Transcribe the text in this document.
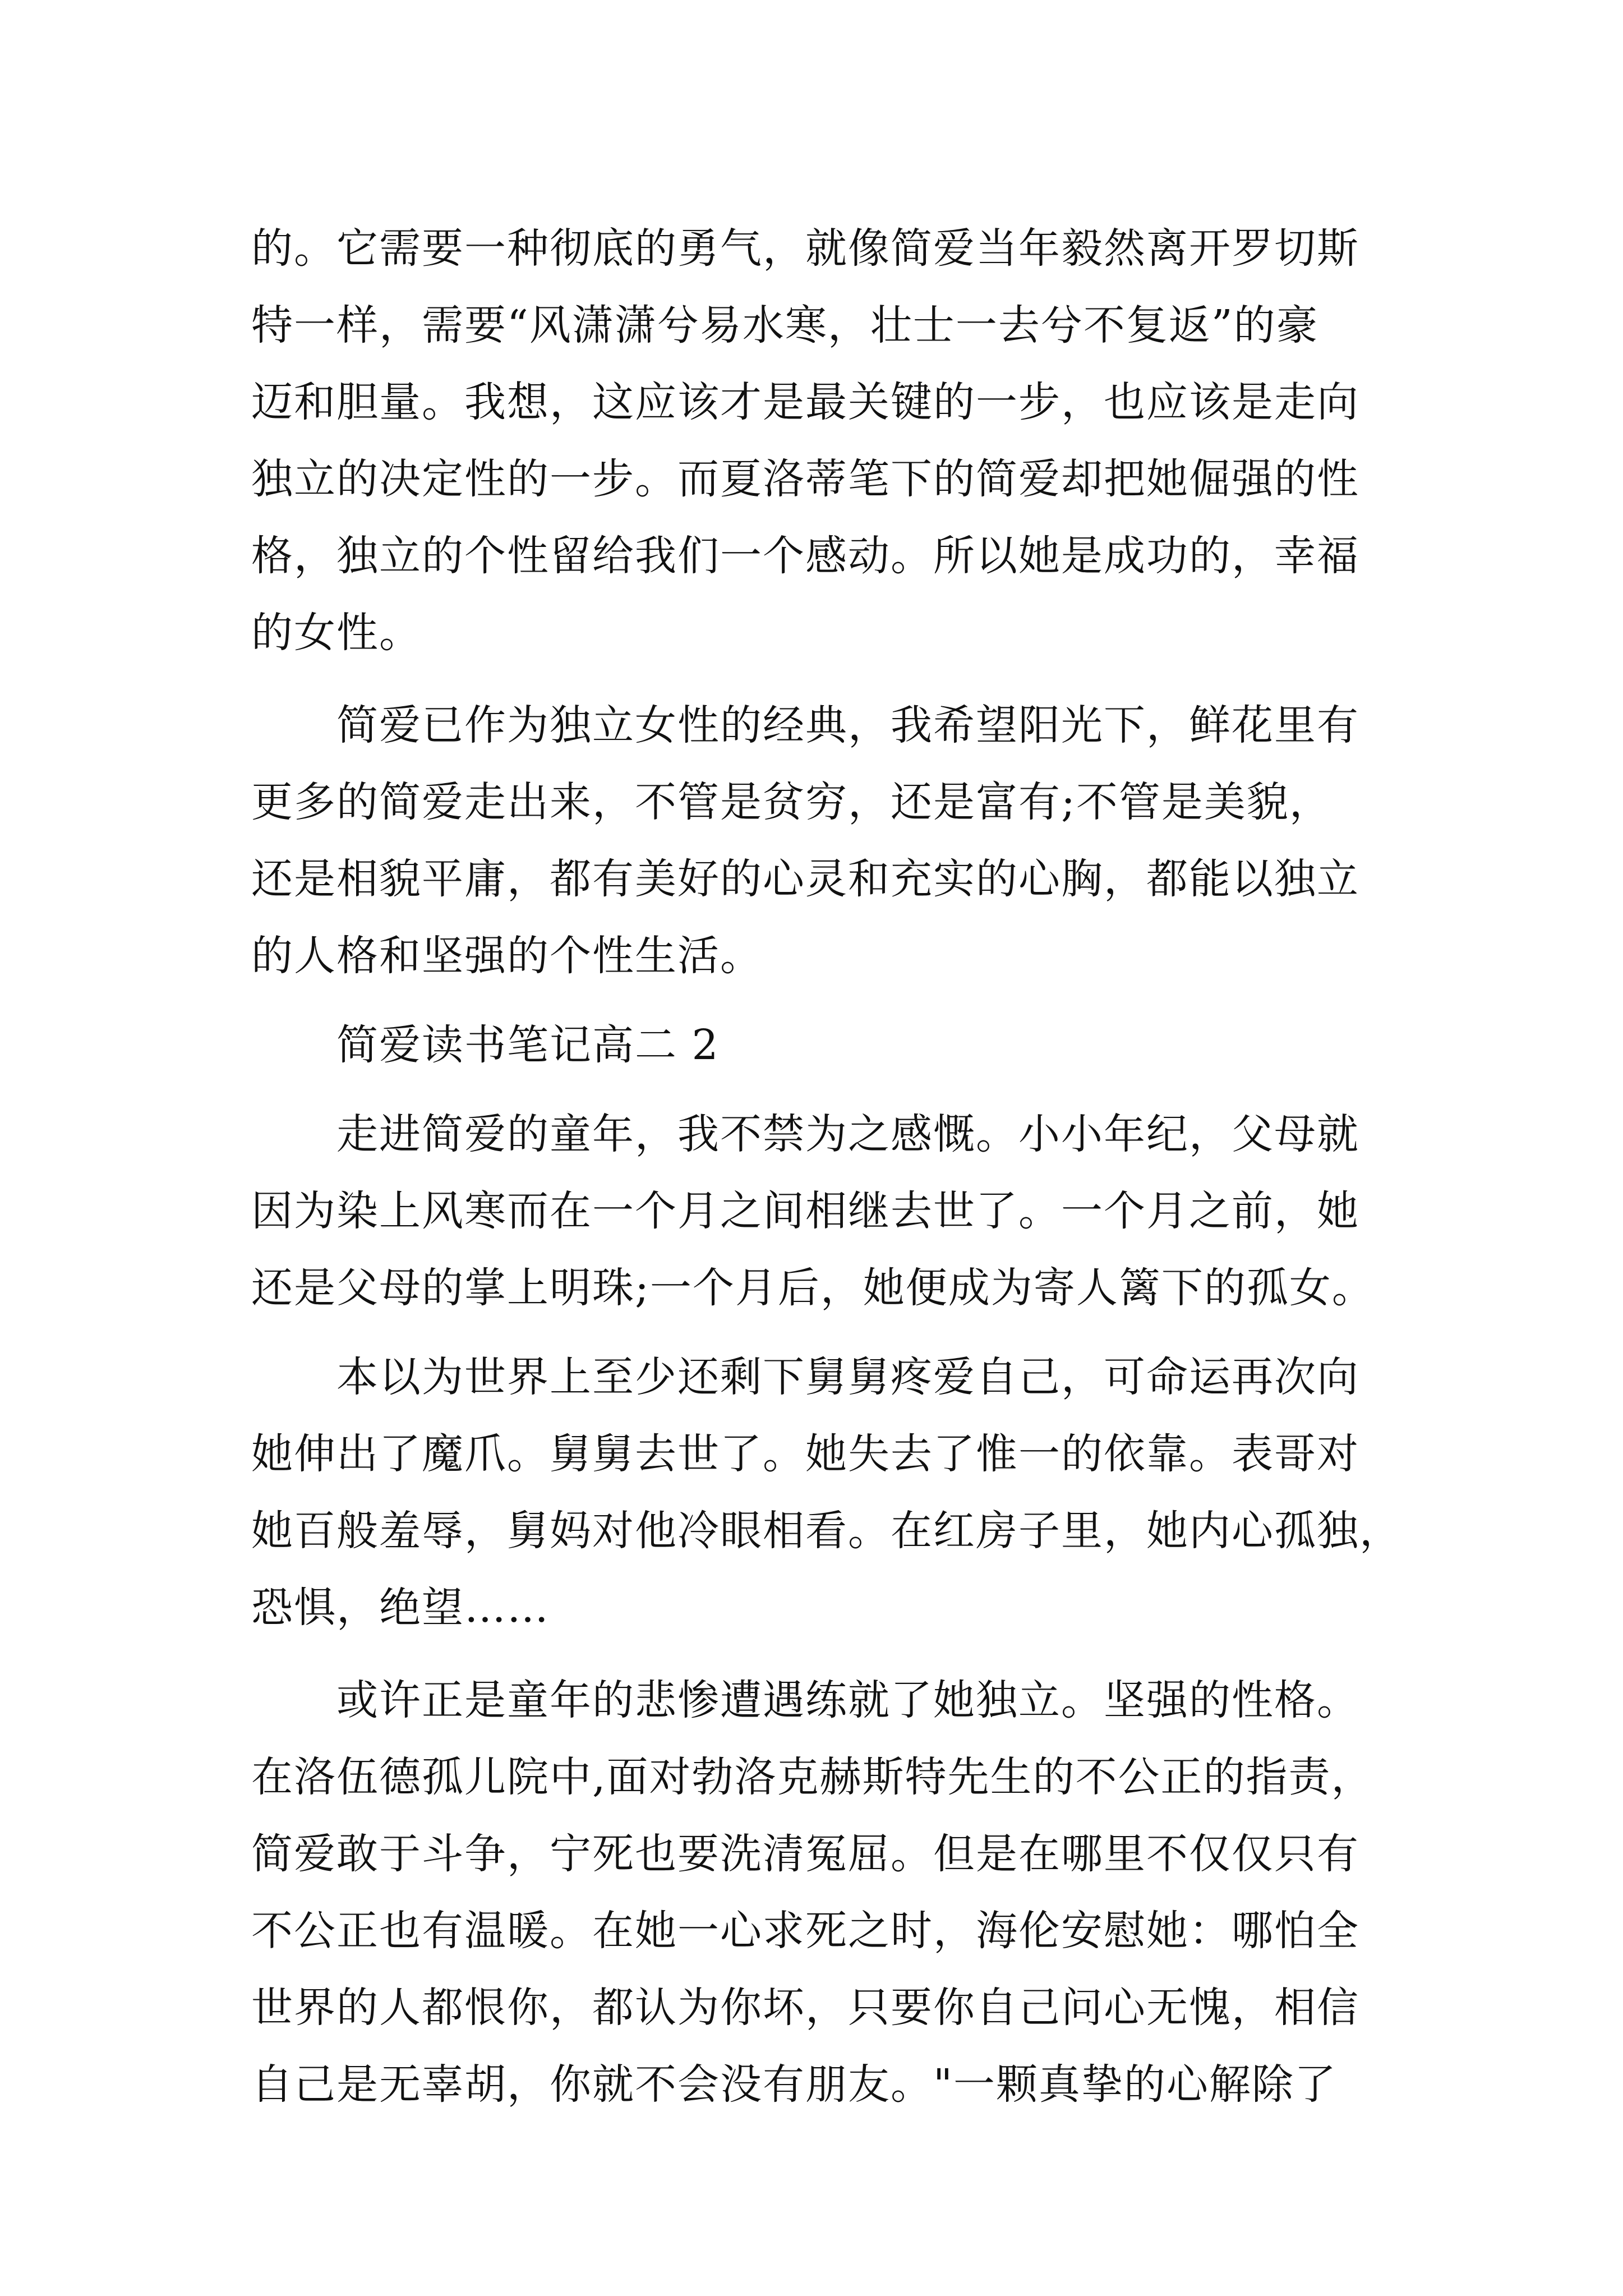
的。它需要一种彻底的勇气，就像简爱当年毅然离开罗切斯
特一样，需要“风潇潇兮易水寒，壮士一去兮不复返”的豪
迈和胆量。我想，这应该才是最关键的一步，也应该是走向
独立的决定性的一步。而夏洛蒂笔下的简爱却把她倔强的性
格，独立的个性留给我们一个感动。所以她是成功的，幸福
的女性。
简爱已作为独立女性的经典，我希望阳光下，鲜花里有
更多的简爱走出来，不管是贫穷，还是富有;不管是美貌，
还是相貌平庸，都有美好的心灵和充实的心胸，都能以独立
的人格和坚强的个性生活。
简爱读书笔记高二 2
走进简爱的童年，我不禁为之感慨。小小年纪，父母就
因为染上风寒而在一个月之间相继去世了。一个月之前，她
还是父母的掌上明珠;一个月后，她便成为寄人篱下的孤女。
本以为世界上至少还剩下舅舅疼爱自己，可命运再次向
她伸出了魔爪。舅舅去世了。她失去了惟一的依靠。表哥对
她百般羞辱，舅妈对他冷眼相看。在红房子里，她内心孤独，
恐惧，绝望……
或许正是童年的悲惨遭遇练就了她独立。坚强的性格。
在洛伍德孤儿院中,面对勃洛克赫斯特先生的不公正的指责，
简爱敢于斗争，宁死也要洗清冤屈。但是在哪里不仅仅只有
不公正也有温暖。在她一心求死之时，海伦安慰她：哪怕全
世界的人都恨你，都认为你坏，只要你自己问心无愧，相信
自己是无辜胡，你就不会没有朋友。"一颗真挚的心解除了
